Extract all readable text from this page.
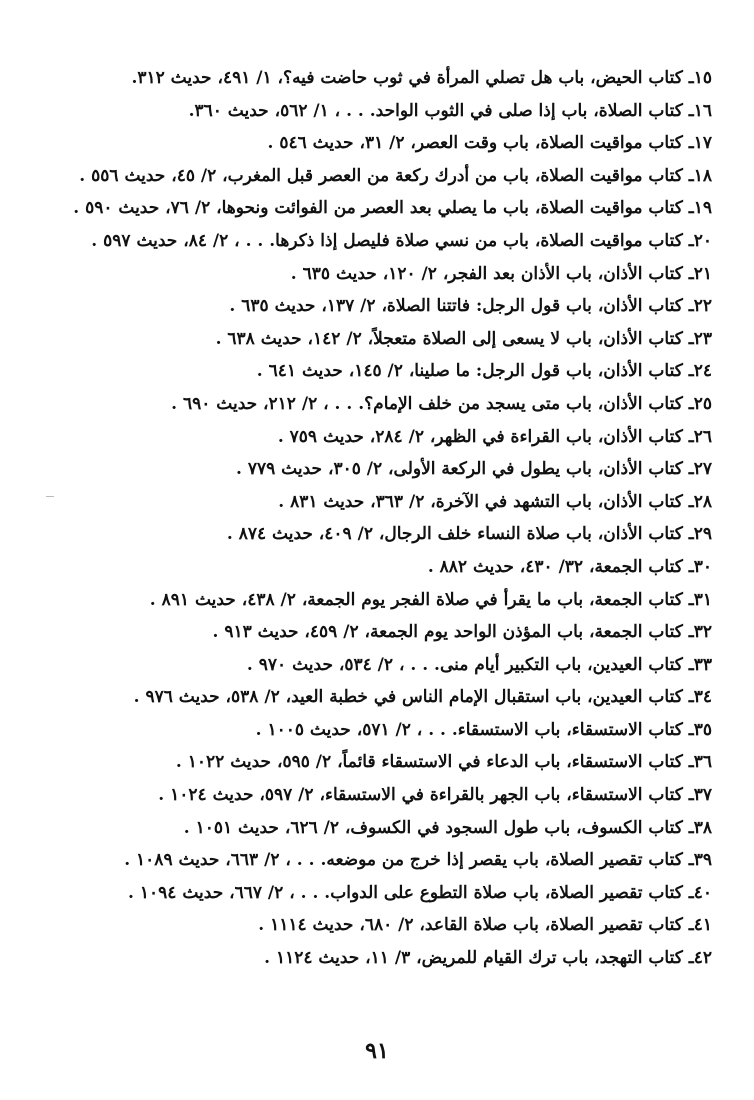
١٥ـ كتاب الحيض، باب هل تصلي المرأة في ثوب حاضت فيه؟، ١/ ٤٩١، حديث ٣١٢.

١٦ـ كتاب الصلاة، باب إذا صلى في الثوب الواحد. . . ، ١/ ٥٦٢، حديث ٣٦٠.

١٧ـ كتاب مواقيت الصلاة، باب وقت العصر، ٢/ ٣١، حديث ٥٤٦ .

١٨ـ كتاب مواقيت الصلاة، باب من أدرك ركعة من العصر قبل المغرب، ٢/ ٤٥، حديث ٥٥٦ .

١٩ـ كتاب مواقيت الصلاة، باب ما يصلي بعد العصر من الفوائت ونحوها، ٢/ ٧٦، حديث ٥٩٠ .

٢٠ـ كتاب مواقيت الصلاة، باب من نسي صلاة فليصل إذا ذكرها. . . ، ٢/ ٨٤، حديث ٥٩٧ .

٢١ـ كتاب الأذان، باب الأذان بعد الفجر، ٢/ ١٢٠، حديث ٦٣٥ .

٢٢ـ كتاب الأذان، باب قول الرجل: فاتتنا الصلاة، ٢/ ١٣٧، حديث ٦٣٥ .

٢٣ـ كتاب الأذان، باب لا يسعى إلى الصلاة متعجلاً، ٢/ ١٤٢، حديث ٦٣٨ .

٢٤ـ كتاب الأذان، باب قول الرجل: ما صلينا، ٢/ ١٤٥، حديث ٦٤١ .

٢٥ـ كتاب الأذان، باب متى يسجد من خلف الإمام؟. . . ، ٢/ ٢١٢، حديث ٦٩٠ .

٢٦ـ كتاب الأذان، باب القراءة في الظهر، ٢/ ٢٨٤، حديث ٧٥٩ .

٢٧ـ كتاب الأذان، باب يطول في الركعة الأولى، ٢/ ٣٠٥، حديث ٧٧٩ .

٢٨ـ كتاب الأذان، باب التشهد في الآخرة، ٢/ ٣٦٣، حديث ٨٣١ .

٢٩ـ كتاب الأذان، باب صلاة النساء خلف الرجال، ٢/ ٤٠٩، حديث ٨٧٤ .

٣٠ـ كتاب الجمعة، ٣٢/ ٤٣٠، حديث ٨٨٢ .

٣١ـ كتاب الجمعة، باب ما يقرأ في صلاة الفجر يوم الجمعة، ٢/ ٤٣٨، حديث ٨٩١ .

٣٢ـ كتاب الجمعة، باب المؤذن الواحد يوم الجمعة، ٢/ ٤٥٩، حديث ٩١٣ .

٣٣ـ كتاب العيدين، باب التكبير أيام منى. . . ، ٢/ ٥٣٤، حديث ٩٧٠ .

٣٤ـ كتاب العيدين، باب استقبال الإمام الناس في خطبة العيد، ٢/ ٥٣٨، حديث ٩٧٦ .

٣٥ـ كتاب الاستسقاء، باب الاستسقاء. . . ، ٢/ ٥٧١، حديث ١٠٠٥ .

٣٦ـ كتاب الاستسقاء، باب الدعاء في الاستسقاء قائماً، ٢/ ٥٩٥، حديث ١٠٢٢ .

٣٧ـ كتاب الاستسقاء، باب الجهر بالقراءة في الاستسقاء، ٢/ ٥٩٧، حديث ١٠٢٤ .

٣٨ـ كتاب الكسوف، باب طول السجود في الكسوف، ٢/ ٦٢٦، حديث ١٠٥١ .

٣٩ـ كتاب تقصير الصلاة، باب يقصر إذا خرج من موضعه. . . ، ٢/ ٦٦٣، حديث ١٠٨٩ .

٤٠ـ كتاب تقصير الصلاة، باب صلاة التطوع على الدواب. . . ، ٢/ ٦٦٧، حديث ١٠٩٤ .

٤١ـ كتاب تقصير الصلاة، باب صلاة القاعد، ٢/ ٦٨٠، حديث ١١١٤ .

٤٢ـ كتاب التهجد، باب ترك القيام للمريض، ٣/ ١١، حديث ١١٢٤ .

٩١
